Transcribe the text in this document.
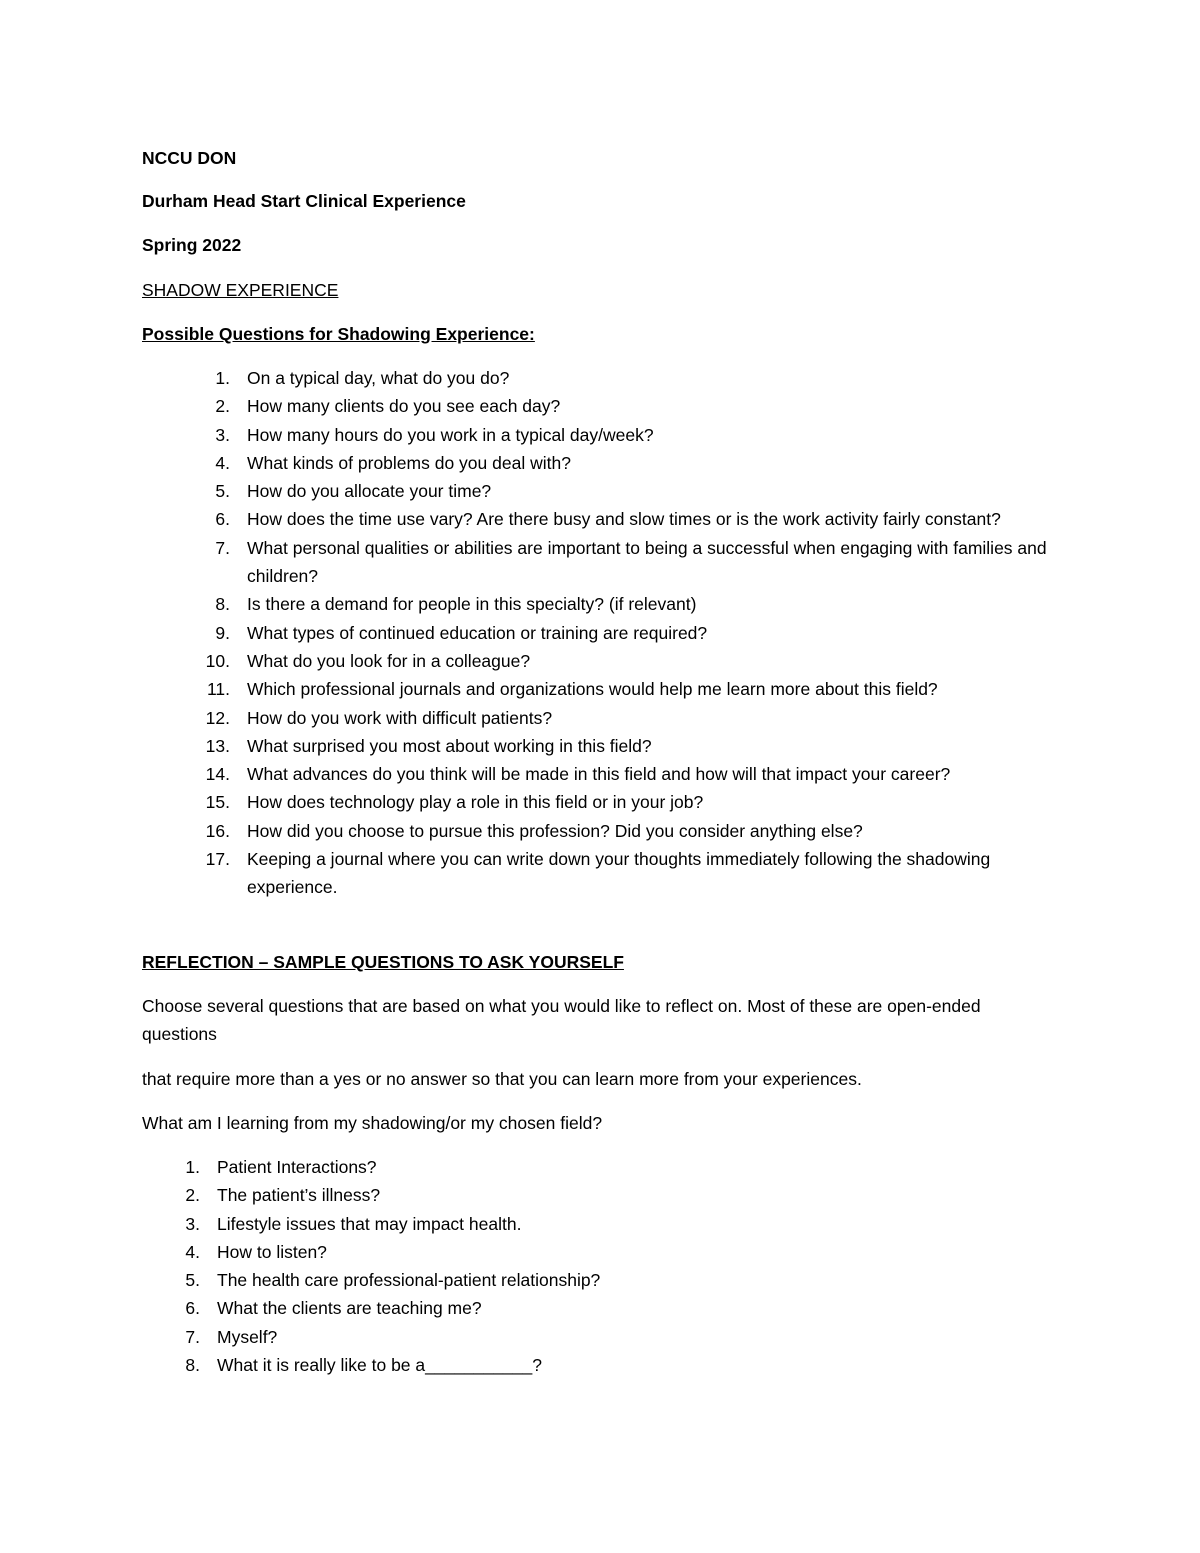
NCCU DON
Durham Head Start Clinical Experience
Spring 2022
SHADOW EXPERIENCE
Possible Questions for Shadowing Experience:
1. On a typical day, what do you do?
2. How many clients do you see each day?
3. How many hours do you work in a typical day/week?
4. What kinds of problems do you deal with?
5. How do you allocate your time?
6. How does the time use vary? Are there busy and slow times or is the work activity fairly constant?
7. What personal qualities or abilities are important to being a successful when engaging with families and children?
8. Is there a demand for people in this specialty? (if relevant)
9. What types of continued education or training are required?
10. What do you look for in a colleague?
11. Which professional journals and organizations would help me learn more about this field?
12. How do you work with difficult patients?
13. What surprised you most about working in this field?
14. What advances do you think will be made in this field and how will that impact your career?
15. How does technology play a role in this field or in your job?
16. How did you choose to pursue this profession? Did you consider anything else?
17. Keeping a journal where you can write down your thoughts immediately following the shadowing experience.
REFLECTION – SAMPLE QUESTIONS TO ASK YOURSELF
Choose several questions that are based on what you would like to reflect on. Most of these are open-ended questions
that require more than a yes or no answer so that you can learn more from your experiences.
What am I learning from my shadowing/or my chosen field?
1. Patient Interactions?
2. The patient’s illness?
3. Lifestyle issues that may impact health.
4. How to listen?
5. The health care professional-patient relationship?
6. What the clients are teaching me?
7. Myself?
8. What it is really like to be a___________?
